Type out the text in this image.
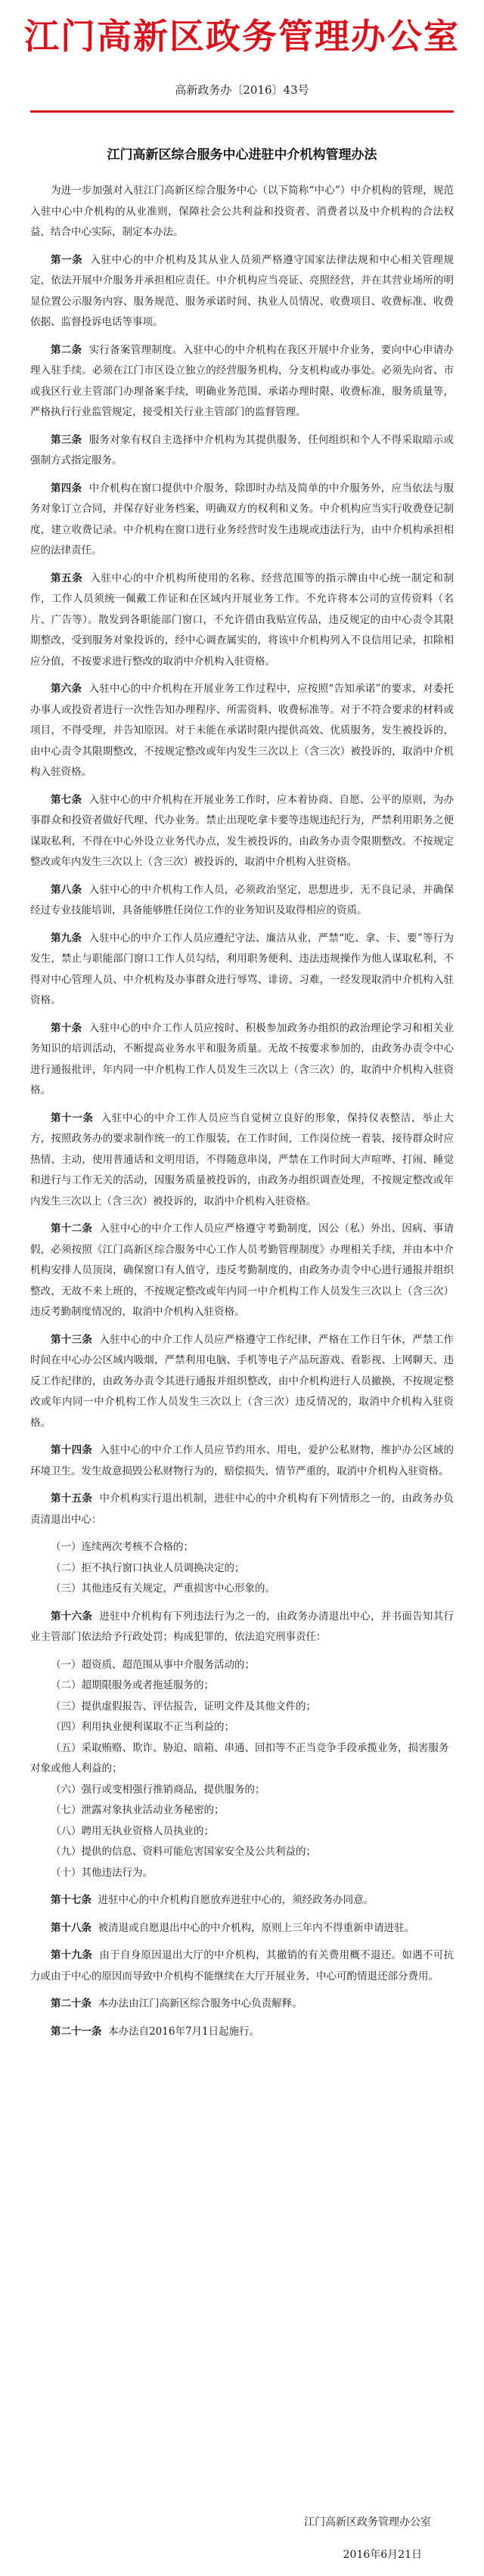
江门高新区政务管理办公室
高新政务办〔2016〕43号
江门高新区综合服务中心进驻中介机构管理办法

为进一步加强对入驻江门高新区综合服务中心（以下简称“中心”）中介机构的管理，规范入驻中心中介机构的从业准则，保障社会公共利益和投资者、消费者以及中介机构的合法权益，结合中心实际，制定本办法。

第一条 入驻中心的中介机构及其从业人员须严格遵守国家法律法规和中心相关管理规定，依法开展中介服务并承担相应责任。中介机构应当亮证、亮照经营，并在其营业场所的明显位置公示服务内容、服务规范、服务承诺时间、执业人员情况、收费项目、收费标准、收费依据、监督投诉电话等事项。

第二条 实行备案管理制度。入驻中心的中介机构在我区开展中介业务，要向中心申请办理入驻手续。必须在江门市区设立独立的经营服务机构，分支机构或办事处。必须先向省、市或我区行业主管部门办理备案手续，明确业务范围、承诺办理时限、收费标准，服务质量等，严格执行行业监管规定，接受相关行业主管部门的监督管理。

第三条 服务对象有权自主选择中介机构为其提供服务，任何组织和个人不得采取暗示或强制方式指定服务。

第四条 中介机构在窗口提供中介服务，除即时办结及简单的中介服务外，应当依法与服务对象订立合同，并保存好业务档案，明确双方的权利和义务。中介机构应当实行收费登记制度，建立收费记录。中介机构在窗口进行业务经营时发生违规或违法行为，由中介机构承担相应的法律责任。

第五条 入驻中心的中介机构所使用的名称、经营范围等的指示牌由中心统一制定和制作，工作人员须统一佩戴工作证和在区域内开展业务工作。不允许将本公司的宣传资料（名片、广告等）。散发到各职能部门窗口，不允许借由我贴宣传品，违反规定的由中心责令其限期整改，受到服务对象投诉的，经中心调查属实的，将该中介机构列入不良信用记录，扣除相应分值，不按要求进行整改的取消中介机构入驻资格。

第六条 入驻中心的中介机构在开展业务工作过程中，应按照“告知承诺”的要求，对委托办事人或投资者进行一次性告知办理程序、所需资料、收费标准等。对于不符合要求的材料或项目，不得受理，并告知原因。对于未能在承诺时限内提供高效、优质服务，发生被投诉的，由中心责令其限期整改，不按规定整改或年内发生三次以上（含三次）被投诉的，取消中介机构入驻资格。

第七条 入驻中心的中介机构在开展业务工作时，应本着协商、自愿、公平的原则，为办事群众和投资者做好代理、代办业务。禁止出现吃拿卡要等违规违纪行为，严禁利用职务之便谋取私利，不得在中心外设立业务代办点，发生被投诉的，由政务办责令限期整改。不按规定整改或年内发生三次以上（含三次）被投诉的，取消中介机构入驻资格。

第八条 入驻中心的中介机构工作人员，必须政治坚定，思想进步，无不良记录，并确保经过专业技能培训，具备能够胜任岗位工作的业务知识及取得相应的资质。

第九条 入驻中心的中介工作人员应遵纪守法、廉洁从业，严禁“吃、拿、卡、要”等行为发生，禁止与职能部门窗口工作人员勾结，利用职务便利、违法违规操作为他人谋取私利，不得对中心管理人员、中介机构及办事群众进行辱骂、诽谤、习难，一经发现取消中介机构入驻资格。

第十条 入驻中心的中介工作人员应按时、积极参加政务办组织的政治理论学习和相关业务知识的培训活动，不断提高业务水平和服务质量。无故不按要求参加的，由政务办责令中心进行通报批评，年内同一中介机构工作人员发生三次以上（含三次）的，取消中介机构入驻资格。

第十一条 入驻中心的中介工作人员应当自觉树立良好的形象，保持仪表整洁，举止大方，按照政务办的要求制作统一的工作服装，在工作时间，工作岗位统一着装，接待群众时应热情、主动，使用普通话和文明用语，不得随意串岗，严禁在工作时间大声喧哗、打闹、睡觉和进行与工作无关的活动，因服务质量被投诉的，由政务办组织调查处理，不按规定整改或年内发生三次以上（含三次）被投诉的，取消中介机构入驻资格。

第十二条 入驻中心的中介工作人员应严格遵守考勤制度，因公（私）外出、因病、事请假，必须按照《江门高新区综合服务中心工作人员考勤管理制度》办理相关手续，并由本中介机构安排人员顶岗，确保窗口有人值守，违反考勤制度的，由政务办责令中心进行通报并组织整改，无故不来上班的，不按规定整改或年内同一中介机构工作人员发生三次以上（含三次）违反考勤制度情况的，取消中介机构入驻资格。

第十三条 入驻中心的中介工作人员应严格遵守工作纪律，严格在工作日午休，严禁工作时间在中心办公区域内吸烟，严禁利用电脑、手机等电子产品玩游戏、看影视、上网聊天、违反工作纪律的，由政务办责令其进行通报并组织整改，由中介机构进行人员撤换，不按规定整改或年内同一中介机构工作人员发生三次以上（含三次）违反情况的，取消中介机构入驻资格。

第十四条 入驻中心的中介工作人员应节约用水、用电，爱护公私财物，维护办公区域的环境卫生。发生故意损毁公私财物行为的，赔偿损失，情节严重的，取消中介机构入驻资格。

第十五条 中介机构实行退出机制，进驻中心的中介机构有下列情形之一的，由政务办负责清退出中心：

（一）连续两次考核不合格的；

（二）拒不执行窗口执业人员调换决定的；

（三）其他违反有关规定，严重损害中心形象的。

第十六条 进驻中介机构有下列违法行为之一的，由政务办清退出中心，并书面告知其行业主管部门依法给予行政处罚；构成犯罪的，依法追究刑事责任：

（一）超资质、超范围从事中介服务活动的；

（二）超期限服务或者拖延服务的；

（三）提供虚假报告、评估报告，证明文件及其他文件的；

（四）利用执业便利谋取不正当利益的；

（五）采取贿赂、欺诈、胁迫、暗箱、串通、回扣等不正当竞争手段承揽业务，损害服务对象或他人利益的；

（六）强行或变相强行推销商品，提供服务的；

（七）泄露对象执业活动业务秘密的；

（八）聘用无执业资格人员执业的；

（九）提供的信息、资料可能危害国家安全及公共利益的；

（十）其他违法行为。

第十七条 进驻中心的中介机构自愿放弃进驻中心的，须经政务办同意。

第十八条 被清退或自愿退出中心的中介机构，原则上三年内不得重新申请进驻。

第十九条 由于自身原因退出大厅的中介机构，其撤销的有关费用概不退还。如遇不可抗力或由于中心的原因而导致中介机构不能继续在大厅开展业务，中心可酌情退还部分费用。

第二十条 本办法由江门高新区综合服务中心负责解释。

第二十一条 本办法自2016年7月1日起施行。

江门高新区政务管理办公室
2016年6月21日
